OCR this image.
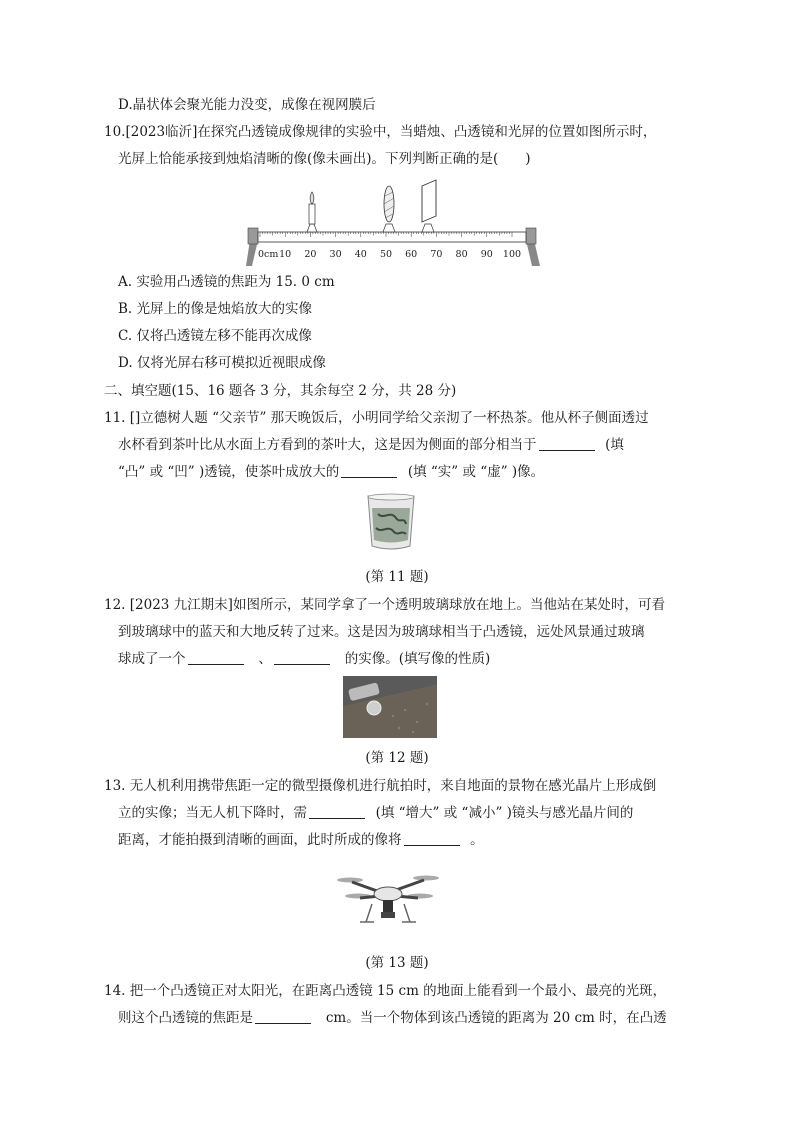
D.晶状体会聚光能力没变，成像在视网膜后
10.[2023临沂]在探究凸透镜成像规律的实验中，当蜡烛、凸透镜和光屏的位置如图所示时，
光屏上恰能承接到烛焰清晰的像(像未画出)。下列判断正确的是(　　)
10 20 30 40 50 60 70 80 90 100
0cm
A. 实验用凸透镜的焦距为 15. 0 cm
B. 光屏上的像是烛焰放大的实像
C. 仅将凸透镜左移不能再次成像
D. 仅将光屏右移可模拟近视眼成像
二、填空题(15、16 题各 3 分，其余每空 2 分，共 28 分)
11. []立德树人题 “父亲节” 那天晚饭后，小明同学给父亲沏了一杯热茶。他从杯子侧面透过
水杯看到茶叶比从水面上方看到的茶叶大，这是因为侧面的部分相当于	(填
“凸” 或 “凹” )透镜，使茶叶成放大的	(填 “实” 或 “虚” )像。
(第 11 题)
12. [2023 九江期末]如图所示，某同学拿了一个透明玻璃球放在地上。当他站在某处时，可看
到玻璃球中的蓝天和大地反转了过来。这是因为玻璃球相当于凸透镜，远处风景通过玻璃
球成了一个	、	的实像。(填写像的性质)
(第 12 题)
13. 无人机利用携带焦距一定的微型摄像机进行航拍时，来自地面的景物在感光晶片上形成倒
立的实像；当无人机下降时，需	(填 “增大” 或 “减小” )镜头与感光晶片间的
距离，才能拍摄到清晰的画面，此时所成的像将	。
(第 13 题)
14. 把一个凸透镜正对太阳光，在距离凸透镜 15 cm 的地面上能看到一个最小、最亮的光斑，
则这个凸透镜的焦距是	cm。当一个物体到该凸透镜的距离为 20 cm 时，在凸透
